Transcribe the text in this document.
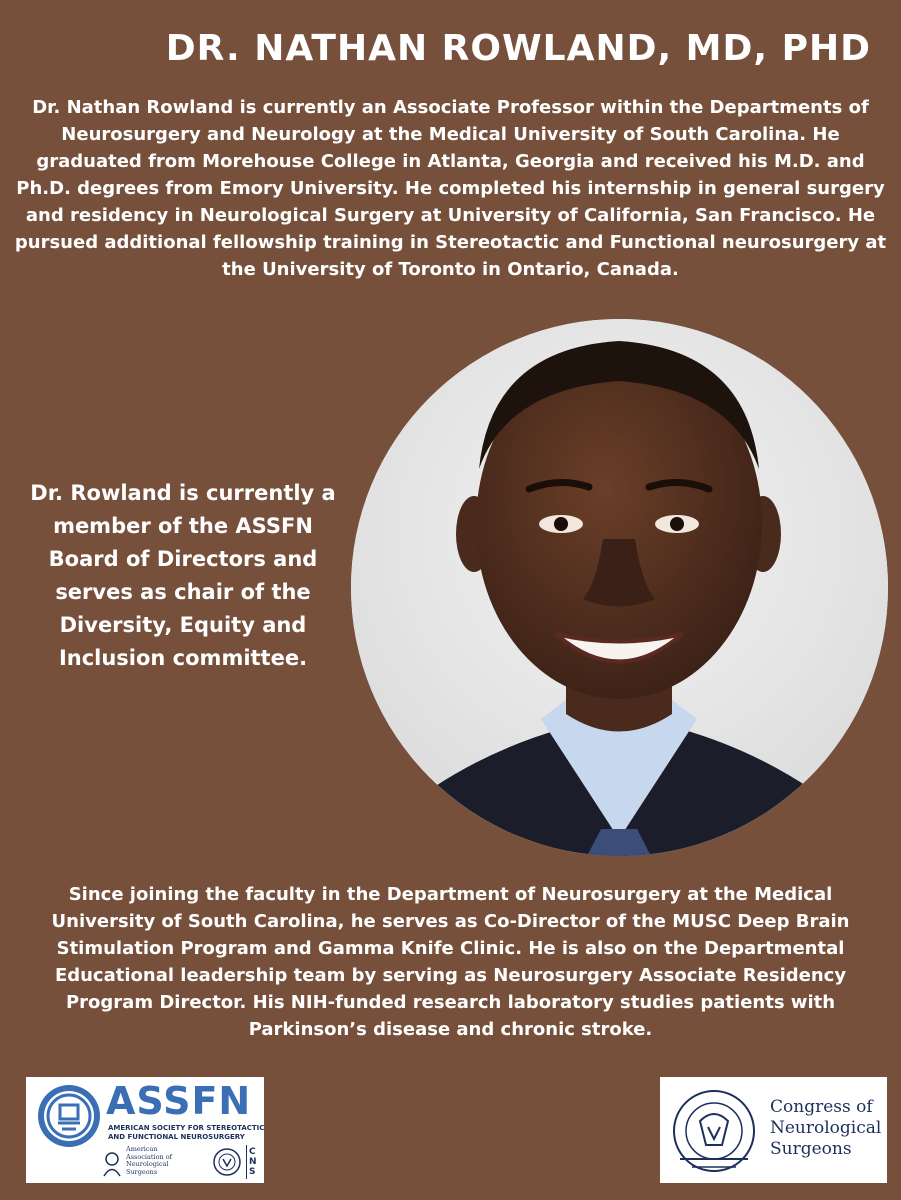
DR. NATHAN ROWLAND, MD, PHD

Dr. Nathan Rowland is currently an Associate Professor within the Departments of Neurosurgery and Neurology at the Medical University of South Carolina. He graduated from Morehouse College in Atlanta, Georgia and received his M.D. and Ph.D. degrees from Emory University. He completed his internship in general surgery and residency in Neurological Surgery at University of California, San Francisco. He pursued additional fellowship training in Stereotactic and Functional neurosurgery at the University of Toronto in Ontario, Canada.

Dr. Rowland is currently a member of the ASSFN Board of Directors and serves as chair of the Diversity, Equity and Inclusion committee.

Since joining the faculty in the Department of Neurosurgery at the Medical University of South Carolina, he serves as Co-Director of the MUSC Deep Brain Stimulation Program and Gamma Knife Clinic. He is also on the Departmental Educational leadership team by serving as Neurosurgery Associate Residency Program Director. His NIH-funded research laboratory studies patients with Parkinson’s disease and chronic stroke.

ASSFN
AMERICAN SOCIETY FOR STEREOTACTIC
AND FUNCTIONAL NEUROSURGERY
American
Association of
Neurological
Surgeons
CNS
Congress of
Neurological
Surgeons
